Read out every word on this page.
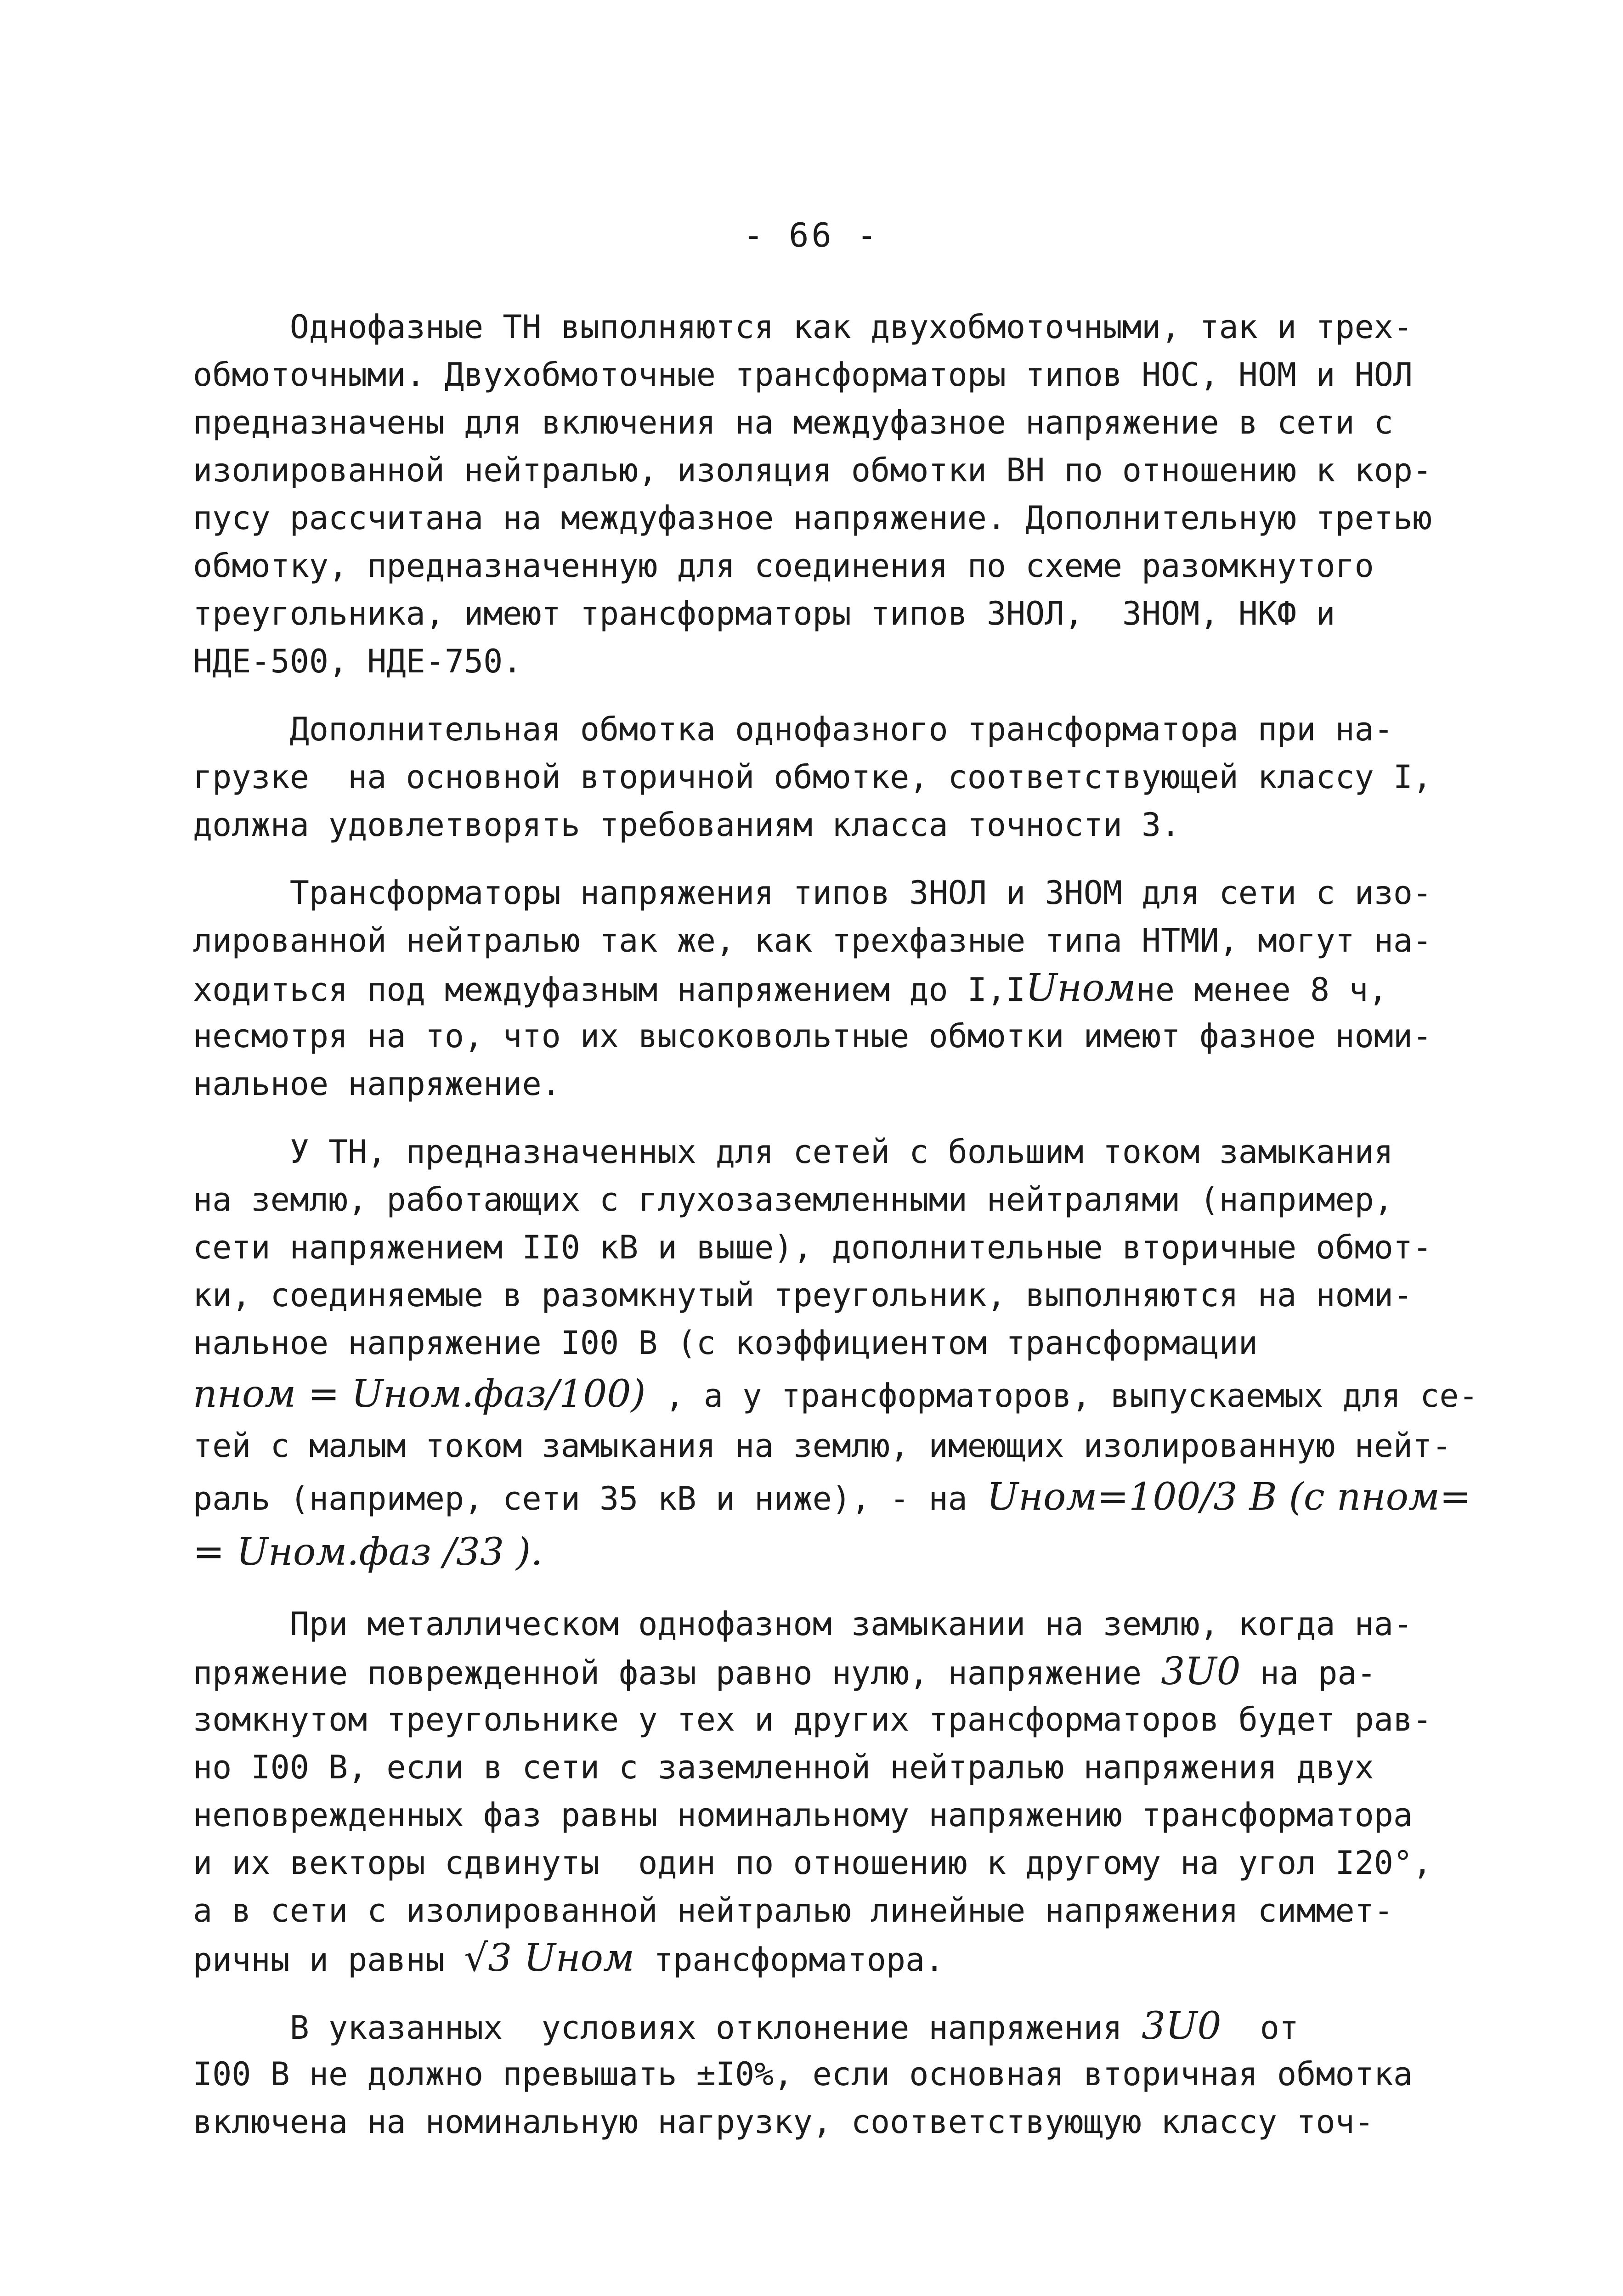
- 66 -
Однофазные ТН выполняются как двухобмоточными, так и трех-
обмоточными. Двухобмоточные трансформаторы типов НОС, НОМ и НОЛ
предназначены для включения на междуфазное напряжение в сети с
изолированной нейтралью, изоляция обмотки ВН по отношению к кор-
пусу рассчитана на междуфазное напряжение. Дополнительную третью
обмотку, предназначенную для соединения по схеме разомкнутого
треугольника, имеют трансформаторы типов ЗНОЛ,  ЗНОМ, НКФ и
НДЕ-500, НДЕ-750.
Дополнительная обмотка однофазного трансформатора при на-
грузке  на основной вторичной обмотке, соответствующей классу I,
должна удовлетворять требованиям класса точности 3.
Трансформаторы напряжения типов ЗНОЛ и ЗНОМ для сети с изо-
лированной нейтралью так же, как трехфазные типа НТМИ, могут на-
ходиться под междуфазным напряжением до I,IUномне менее 8 ч,
несмотря на то, что их высоковольтные обмотки имеют фазное номи-
нальное напряжение.
У ТН, предназначенных для сетей с большим током замыкания
на землю, работающих с глухозаземленными нейтралями (например,
сети напряжением II0 кВ и выше), дополнительные вторичные обмот-
ки, соединяемые в разомкнутый треугольник, выполняются на номи-
нальное напряжение I00 В (с коэффициентом трансформации
nном = Uном.фаз/100) , а у трансформаторов, выпускаемых для се-
тей с малым током замыкания на землю, имеющих изолированную нейт-
раль (например, сети 35 кВ и ниже), - на Uном=100/3 В (с nном=
= Uном.фаз /33 ).
При металлическом однофазном замыкании на землю, когда на-
пряжение поврежденной фазы равно нулю, напряжение 3U0 на ра-
зомкнутом треугольнике у тех и других трансформаторов будет рав-
но I00 В, если в сети с заземленной нейтралью напряжения двух
неповрежденных фаз равны номинальному напряжению трансформатора
и их векторы сдвинуты  один по отношению к другому на угол I20°,
а в сети с изолированной нейтралью линейные напряжения симмет-
ричны и равны √3 Uном трансформатора.
В указанных  условиях отклонение напряжения 3U0  от
I00 В не должно превышать ±I0%, если основная вторичная обмотка
включена на номинальную нагрузку, соответствующую классу точ-
